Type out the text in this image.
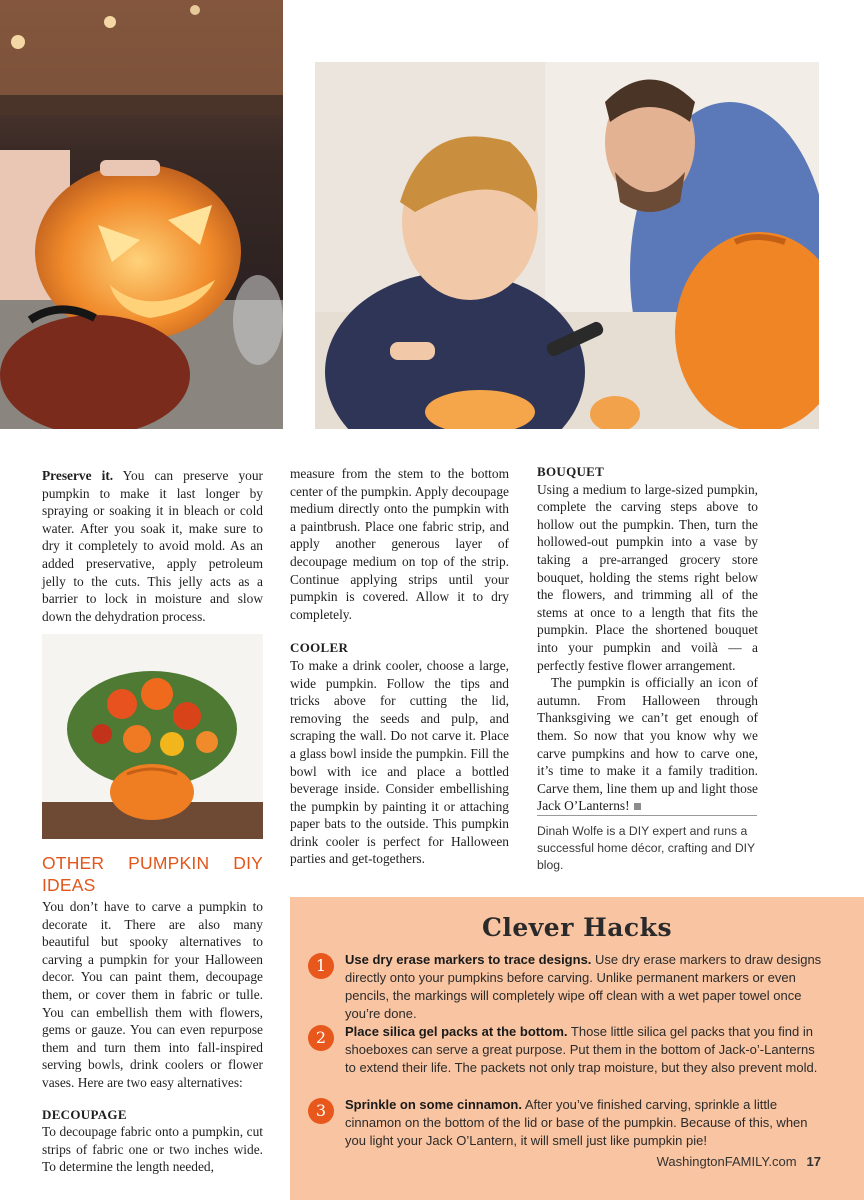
Preserve it. You can preserve your pumpkin to make it last longer by spraying or soaking it in bleach or cold water. After you soak it, make sure to dry it completely to avoid mold. As an added preservative, apply petroleum jelly to the cuts. This jelly acts as a barrier to lock in moisture and slow down the dehydration process.

OTHER PUMPKIN DIY IDEAS

You don’t have to carve a pumpkin to decorate it. There are also many beautiful but spooky alternatives to carving a pumpkin for your Halloween decor. You can paint them, decoupage them, or cover them in fabric or tulle. You can embellish them with flowers, gems or gauze. You can even repurpose them and turn them into fall-inspired serving bowls, drink coolers or flower vases. Here are two easy alternatives:

DECOUPAGE

To decoupage fabric onto a pumpkin, cut strips of fabric one or two inches wide. To determine the length needed,

measure from the stem to the bottom center of the pumpkin. Apply decoupage medium directly onto the pumpkin with a paintbrush. Place one fabric strip, and apply another generous layer of decoupage medium on top of the strip. Continue applying strips until your pumpkin is covered. Allow it to dry completely.

COOLER

To make a drink cooler, choose a large, wide pumpkin. Follow the tips and tricks above for cutting the lid, removing the seeds and pulp, and scraping the wall. Do not carve it. Place a glass bowl inside the pumpkin. Fill the bowl with ice and place a bottled beverage inside. Consider embellishing the pumpkin by painting it or attaching paper bats to the outside. This pumpkin drink cooler is perfect for Halloween parties and get-togethers.

BOUQUET

Using a medium to large-sized pumpkin, complete the carving steps above to hollow out the pumpkin. Then, turn the hollowed-out pumpkin into a vase by taking a pre-arranged grocery store bouquet, holding the stems right below the flowers, and trimming all of the stems at once to a length that fits the pumpkin. Place the shortened bouquet into your pumpkin and voilà — a perfectly festive flower arrangement.

The pumpkin is officially an icon of autumn. From Halloween through Thanksgiving we can’t get enough of them. So now that you know why we carve pumpkins and how to carve one, it’s time to make it a family tradition. Carve them, line them up and light those Jack O’Lanterns!

Dinah Wolfe is a DIY expert and runs a successful home décor, crafting and DIY blog.
Clever Hacks
1	Use dry erase markers to trace designs. Use dry erase markers to draw designs directly onto your pumpkins before carving. Unlike permanent markers or even pencils, the markings will completely wipe off clean with a wet paper towel once you’re done.
2	Place silica gel packs at the bottom. Those little silica gel packs that you find in shoeboxes can serve a great purpose. Put them in the bottom of Jack-o’-Lanterns to extend their life. The packets not only trap moisture, but they also prevent mold.
3	Sprinkle on some cinnamon. After you’ve finished carving, sprinkle a little cinnamon on the bottom of the lid or base of the pumpkin. Because of this, when you light your Jack O’Lantern, it will smell just like pumpkin pie!
WashingtonFAMILY.com 17
